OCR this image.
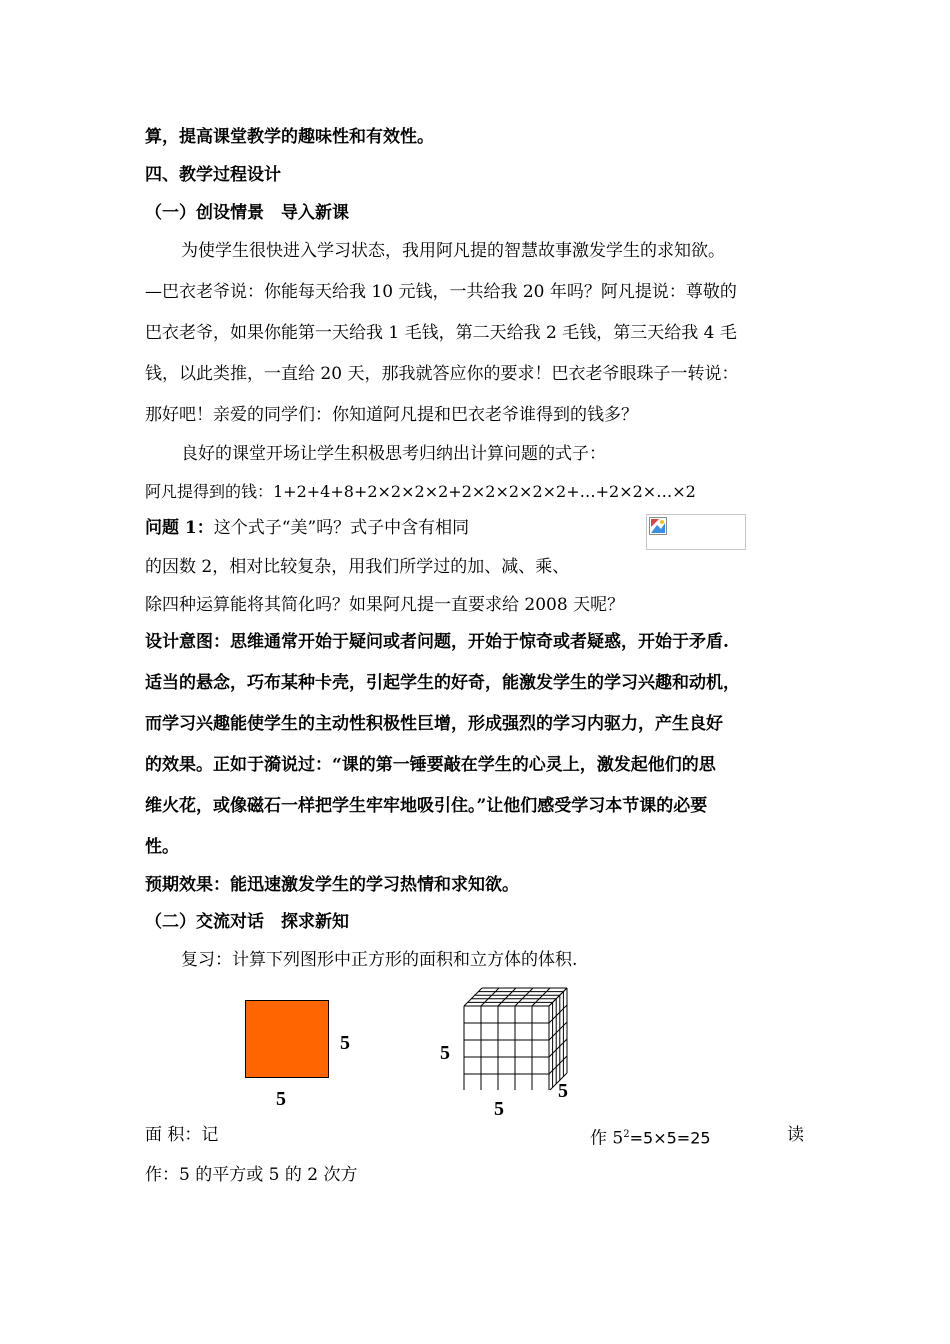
算，提高课堂教学的趣味性和有效性。
四、教学过程设计
（一）创设情景　导入新课
为使学生很快进入学习状态，我用阿凡提的智慧故事激发学生的求知欲。
—巴衣老爷说：你能每天给我 10 元钱，一共给我 20 年吗？阿凡提说：尊敬的
巴衣老爷，如果你能第一天给我 1 毛钱，第二天给我 2 毛钱，第三天给我 4 毛
钱，以此类推，一直给 20 天，那我就答应你的要求！巴衣老爷眼珠子一转说：
那好吧！亲爱的同学们：你知道阿凡提和巴衣老爷谁得到的钱多？
良好的课堂开场让学生积极思考归纳出计算问题的式子：
阿凡提得到的钱：1+2+4+8+2×2×2×2+2×2×2×2×2+…+2×2×…×2
问题 1：这个式子“美”吗？式子中含有相同
的因数 2，相对比较复杂，用我们所学过的加、减、乘、
除四种运算能将其简化吗？如果阿凡提一直要求给 2008 天呢？
设计意图：思维通常开始于疑问或者问题，开始于惊奇或者疑惑，开始于矛盾.
适当的悬念，巧布某种卡壳，引起学生的好奇，能激发学生的学习兴趣和动机，
而学习兴趣能使学生的主动性积极性巨增，形成强烈的学习内驱力，产生良好
的效果。正如于漪说过：“课的第一锤要敲在学生的心灵上，激发起他们的思
维火花，或像磁石一样把学生牢牢地吸引住。”让他们感受学习本节课的必要
性。
预期效果：能迅速激发学生的学习热情和求知欲。
（二）交流对话　探求新知
复习：计算下列图形中正方形的面积和立方体的体积.
5
5
5
5
5
面 积：记	作 $5^2=5\times 5=25$	读
作：5 的平方或 5 的 2 次方
